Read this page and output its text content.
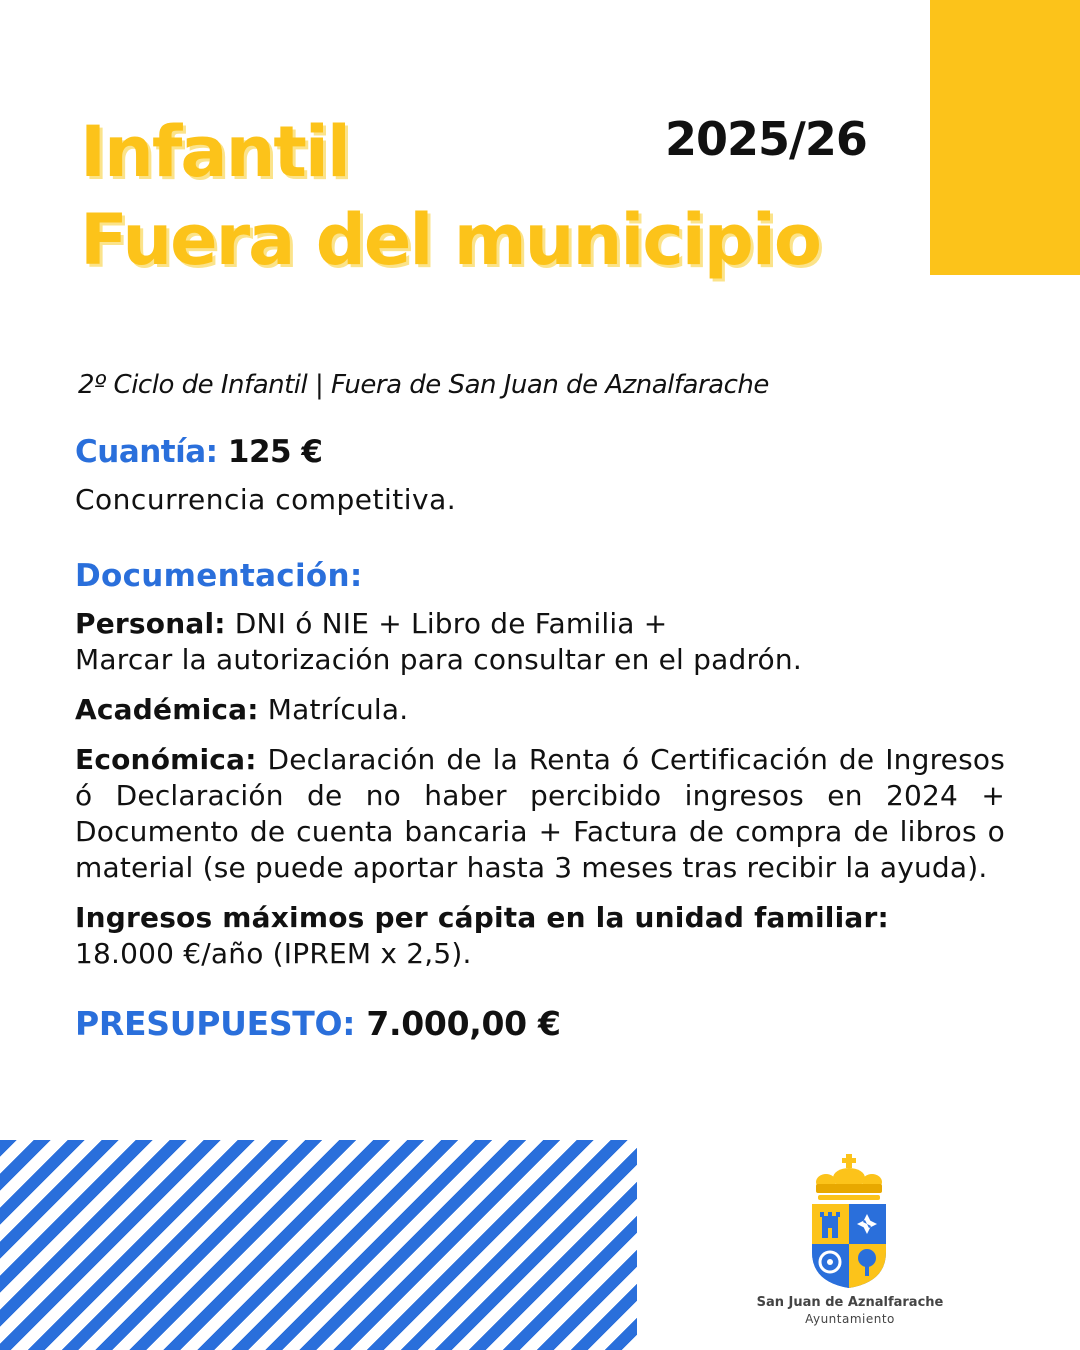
Infantil
Fuera del municipio
2025/26
2º Ciclo de Infantil | Fuera de San Juan de Aznalfarache

Cuantía: 125 €

Concurrencia competitiva.

Documentación:

Personal: DNI ó NIE + Libro de Familia +
Marcar la autorización para consultar en el padrón.

Académica: Matrícula.

Económica: Declaración de la Renta ó Certificación de Ingresos ó Declaración de no haber percibido ingresos en 2024 + Documento de cuenta bancaria + Factura de compra de libros o material (se puede aportar hasta 3 meses tras recibir la ayuda).

Ingresos máximos per cápita en la unidad familiar:
18.000 €/año (IPREM x 2,5).

PRESUPUESTO: 7.000,00 €

San Juan de Aznalfarache
Ayuntamiento
